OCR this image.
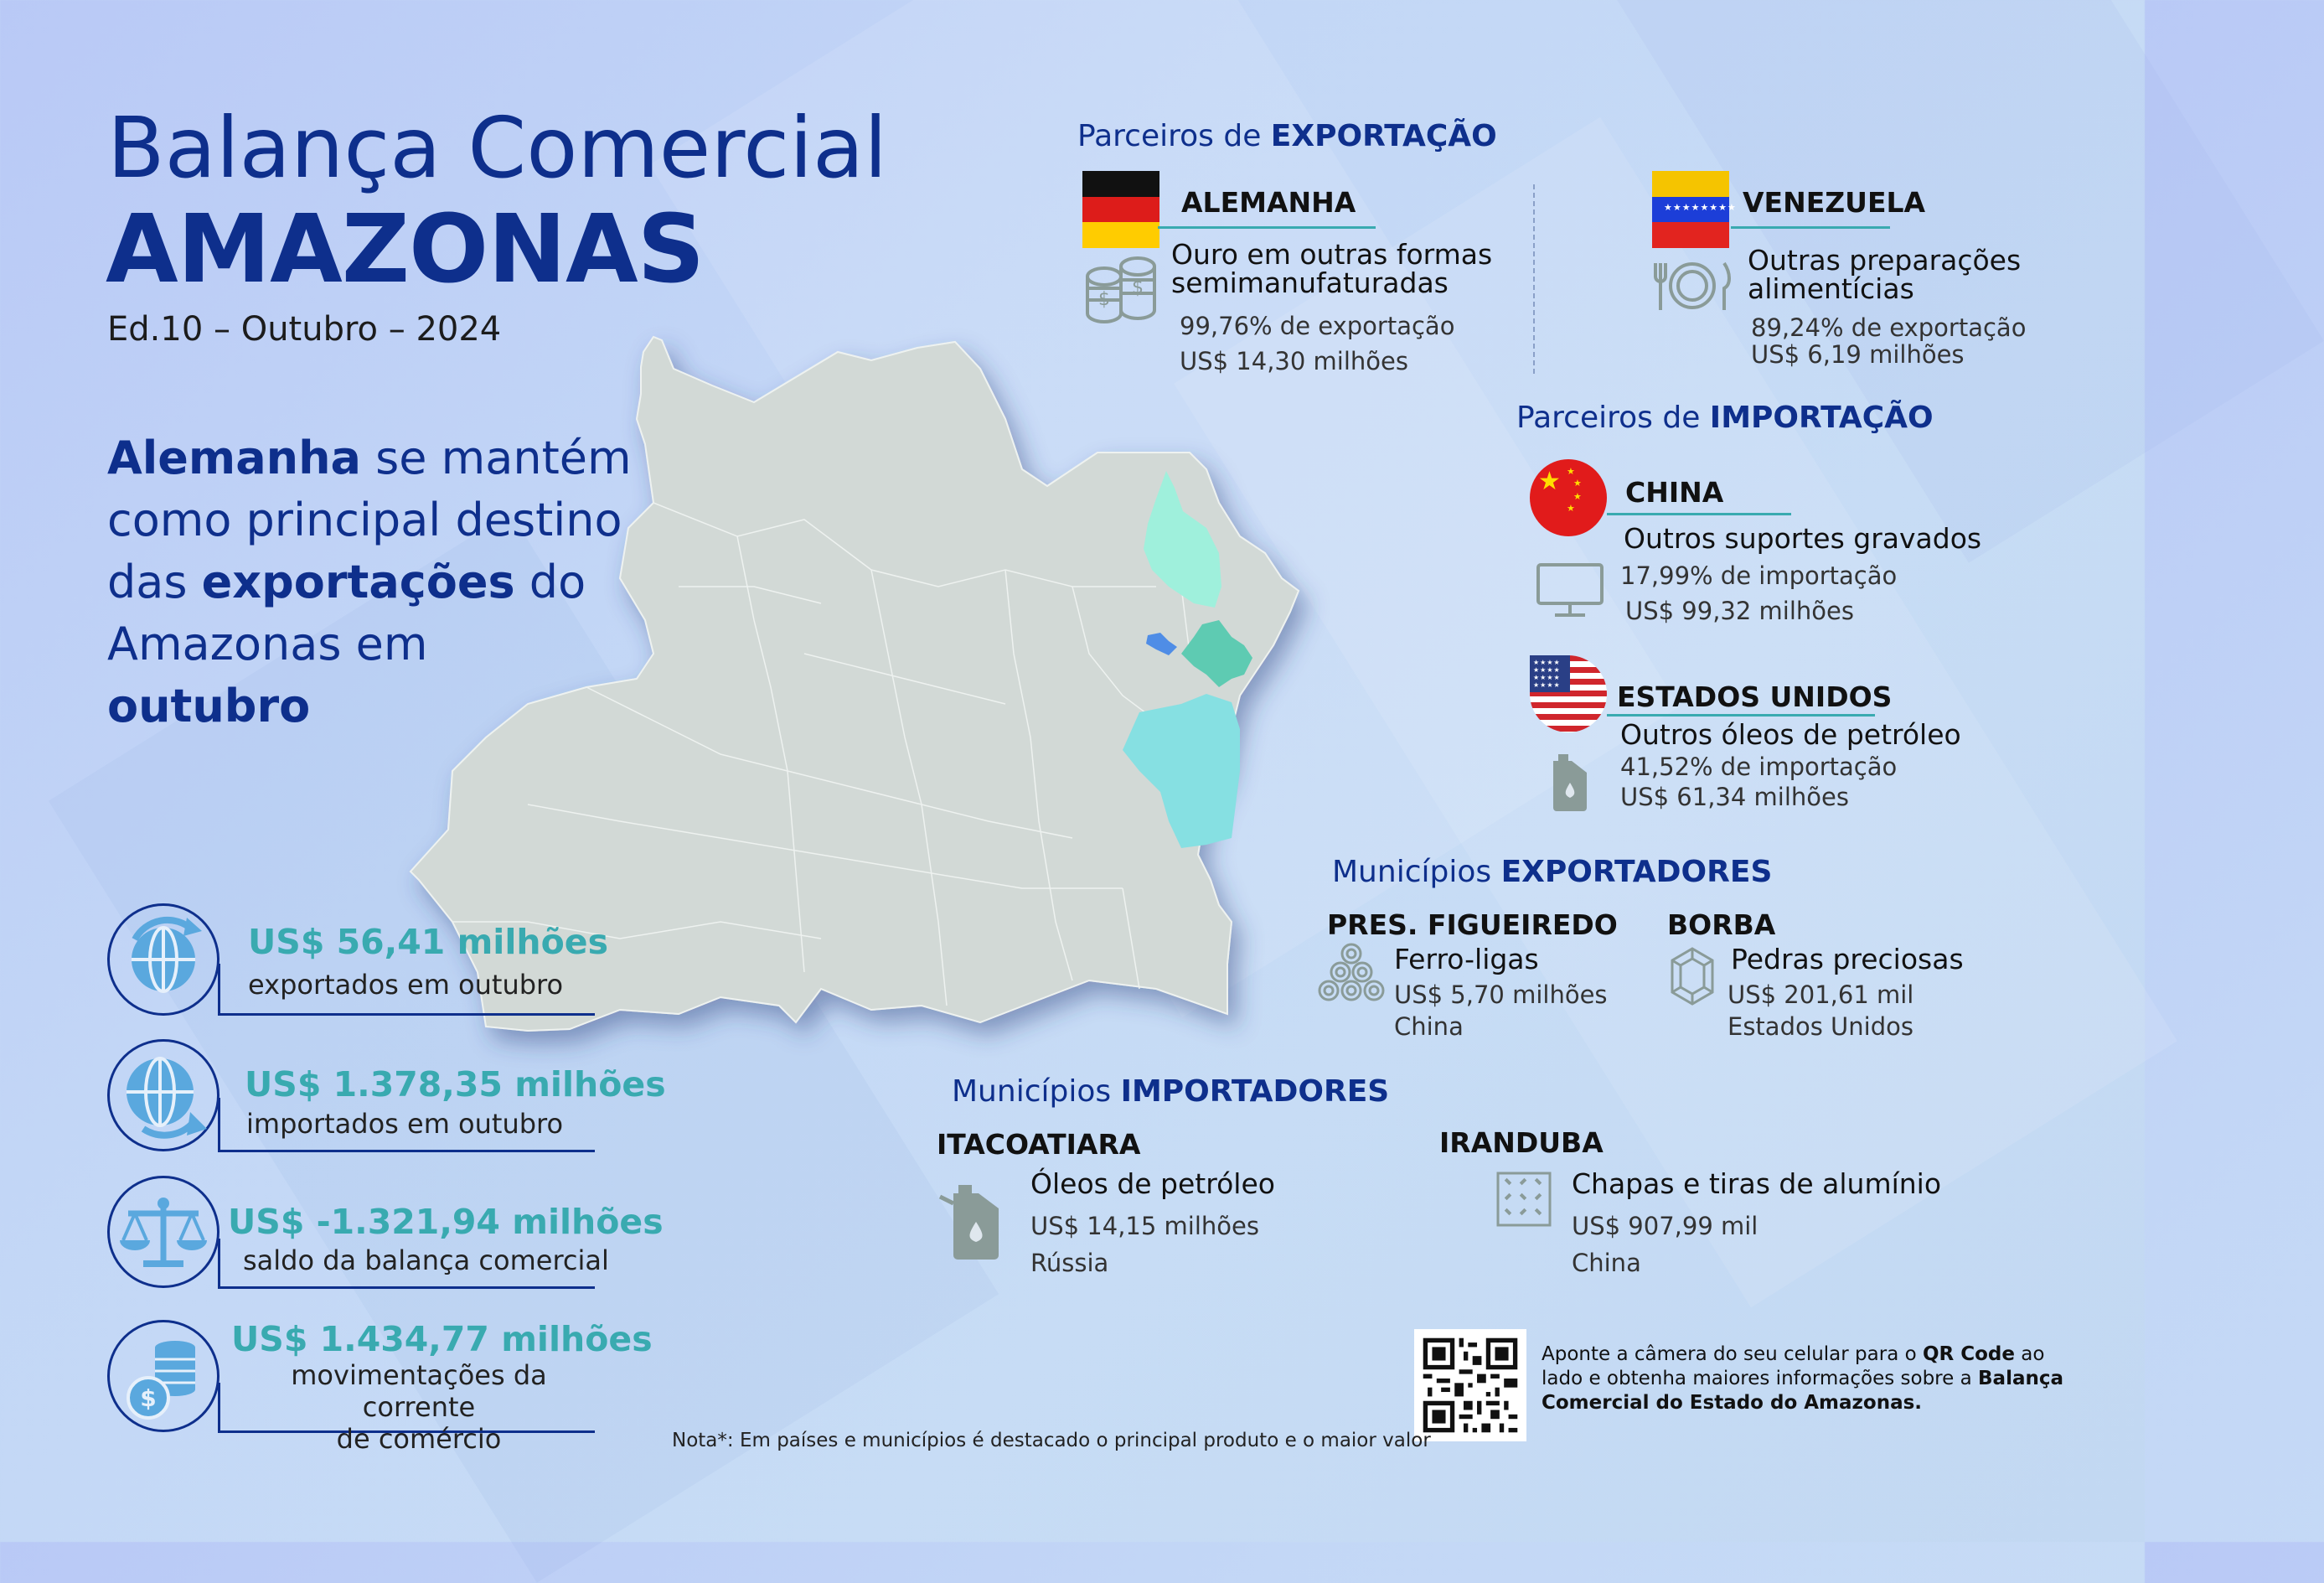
Balança Comercial
AMAZONAS
Ed.10 – Outubro – 2024
Alemanha se mantém
como principal destino
das exportações do
Amazonas em outubro
US$ 56,41 milhões
exportados em outubro
US$ 1.378,35 milhões
importados em outubro
US$ -1.321,94 milhões
saldo da balança comercial
$
US$ 1.434,77 milhões
movimentações da corrente
de comércio
Parceiros de EXPORTAÇÃO
ALEMANHA
Ouro em outras formas
semimanufaturadas
$
$
99,76% de exportação
US$ 14,30 milhões
★★★★★★★★ VENEZUELA
Outras preparações
alimentícias
89,24% de exportação
US$ 6,19 milhões
Parceiros de IMPORTAÇÃO
★ ★
★
★
★ CHINA
Outros suportes gravados
17,99% de importação
US$ 99,32 milhões
★★★★
★★★★
★★★★
★★★★ ESTADOS UNIDOS
Outros óleos de petróleo
41,52% de importação
US$ 61,34 milhões
Municípios EXPORTADORES
PRES. FIGUEIREDO
Ferro-ligas
US$ 5,70 milhões
China
BORBA
Pedras preciosas
US$ 201,61 mil
Estados Unidos
Municípios IMPORTADORES
ITACOATIARA
Óleos de petróleo
US$ 14,15 milhões
Rússia
IRANDUBA
Chapas e tiras de alumínio
US$ 907,99 mil
China
Aponte a câmera do seu celular para o QR Code ao
lado e obtenha maiores informações sobre a Balança
Comercial do Estado do Amazonas.
Nota*: Em países e municípios é destacado o principal produto e o maior valor
